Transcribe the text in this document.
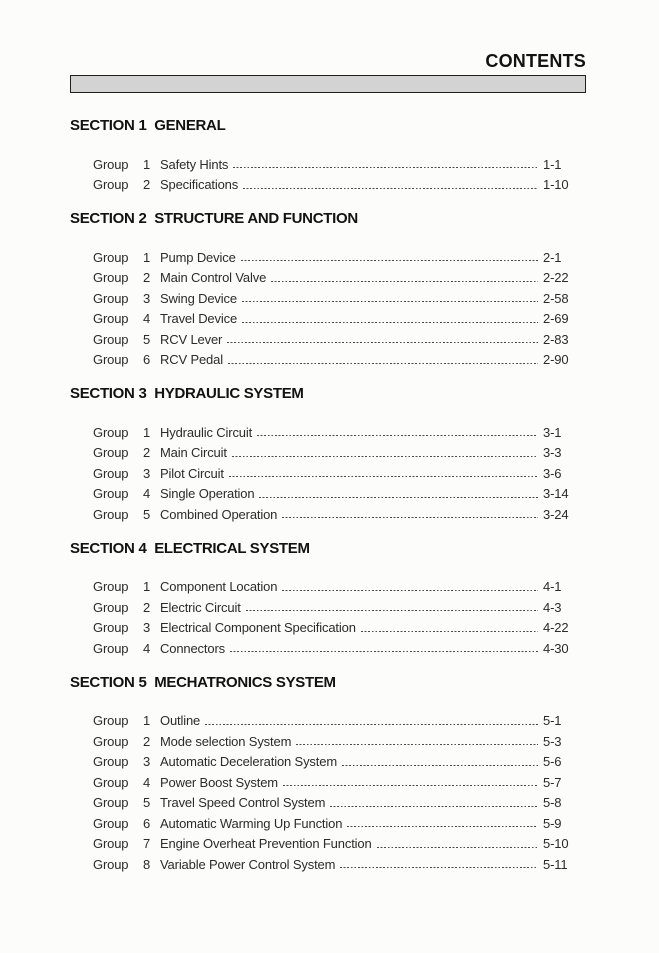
CONTENTS
SECTION 1  GENERAL
Group	1 Safety Hints	1-1
Group	2 Specifications	1-10
SECTION 2  STRUCTURE AND FUNCTION
Group	1 Pump Device	2-1
Group	2 Main Control Valve	2-22
Group	3 Swing Device	2-58
Group	4 Travel Device	2-69
Group	5 RCV Lever	2-83
Group	6 RCV Pedal	2-90
SECTION 3  HYDRAULIC SYSTEM
Group	1 Hydraulic Circuit	3-1
Group	2 Main Circuit	3-3
Group	3 Pilot Circuit	3-6
Group	4 Single Operation	3-14
Group	5 Combined Operation	3-24
SECTION 4  ELECTRICAL SYSTEM
Group	1 Component Location	4-1
Group	2 Electric Circuit	4-3
Group	3 Electrical Component Specification	4-22
Group	4 Connectors	4-30
SECTION 5  MECHATRONICS SYSTEM
Group	1 Outline	5-1
Group	2 Mode selection System	5-3
Group	3 Automatic Deceleration System	5-6
Group	4 Power Boost System	5-7
Group	5 Travel Speed Control System	5-8
Group	6 Automatic Warming Up Function	5-9
Group	7 Engine Overheat Prevention Function	5-10
Group	8 Variable Power Control System	5-11
